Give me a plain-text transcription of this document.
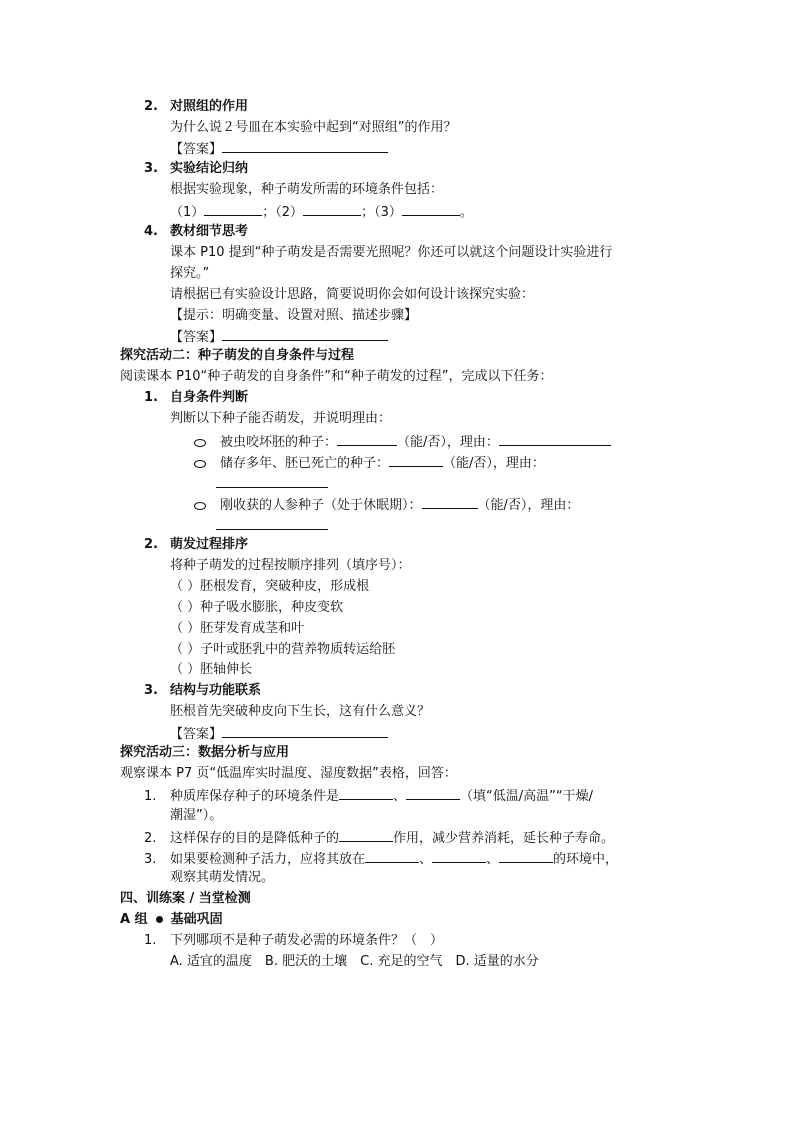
2. 对照组的作用
为什么说２号皿在本实验中起到“对照组”的作用？
【答案】
3. 实验结论归纳
根据实验现象，种子萌发所需的环境条件包括：
（1）	；（2）	；（3）	。
4. 教材细节思考
课本 P10 提到“种子萌发是否需要光照呢？你还可以就这个问题设计实验进行
探究。”
请根据已有实验设计思路，简要说明你会如何设计该探究实验：
【提示：明确变量、设置对照、描述步骤】
【答案】
探究活动二：种子萌发的自身条件与过程
阅读课本 P10“种子萌发的自身条件”和“种子萌发的过程”，完成以下任务：
1. 自身条件判断
判断以下种子能否萌发，并说明理由：
被虫咬坏胚的种子：	（能/否），理由：
储存多年、胚已死亡的种子：	（能/否），理由：
刚收获的人参种子（处于休眠期）：	（能/否），理由：
2. 萌发过程排序
将种子萌发的过程按顺序排列（填序号）：
（ ）胚根发育，突破种皮，形成根
（ ）种子吸水膨胀，种皮变软
（ ）胚芽发育成茎和叶
（ ）子叶或胚乳中的营养物质转运给胚
（ ）胚轴伸长
3. 结构与功能联系
胚根首先突破种皮向下生长，这有什么意义？
【答案】
探究活动三：数据分析与应用
观察课本 P7 页“低温库实时温度、湿度数据”表格，回答：
1. 种质库保存种子的环境条件是	、	（填“低温/高温”“干燥/
潮湿”）。
2. 这样保存的目的是降低种子的	作用，减少营养消耗，延长种子寿命。
3. 如果要检测种子活力，应将其放在	、	、	的环境中，
观察其萌发情况。
四、训练案 / 当堂检测
A 组 基础巩固
1. 下列哪项不是种子萌发必需的环境条件？（　）
A. 适宜的温度　B. 肥沃的土壤　C. 充足的空气　D. 适量的水分
